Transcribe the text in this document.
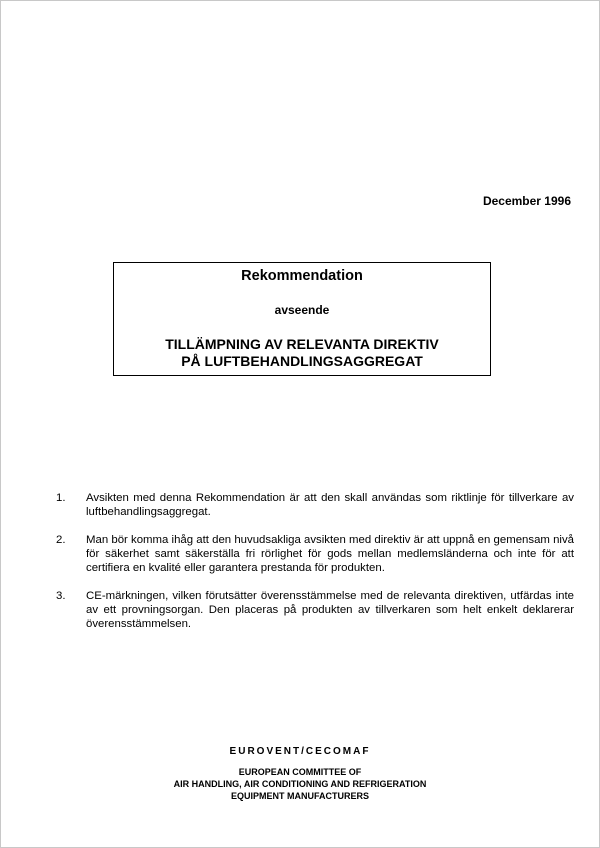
December 1996
Rekommendation
avseende
TILLÄMPNING AV RELEVANTA DIREKTIV
PÅ LUFTBEHANDLINGSAGGREGAT
1.	Avsikten med denna Rekommendation är att den skall användas som riktlinje för tillverkare av luftbehandlingsaggregat.
2.	Man bör komma ihåg att den huvudsakliga avsikten med direktiv är att uppnå en gemensam nivå för säkerhet samt säkerställa fri rörlighet för gods mellan medlemsländerna och inte för att certifiera en kvalité eller garantera prestanda för produkten.
3.	CE-märkningen, vilken förutsätter överensstämmelse med de relevanta direktiven, utfärdas inte av ett provningsorgan. Den placeras på produkten av tillverkaren som helt enkelt deklarerar överensstämmelsen.
EUROVENT/CECOMAF
EUROPEAN COMMITTEE OF
AIR HANDLING, AIR CONDITIONING AND REFRIGERATION
EQUIPMENT MANUFACTURERS
